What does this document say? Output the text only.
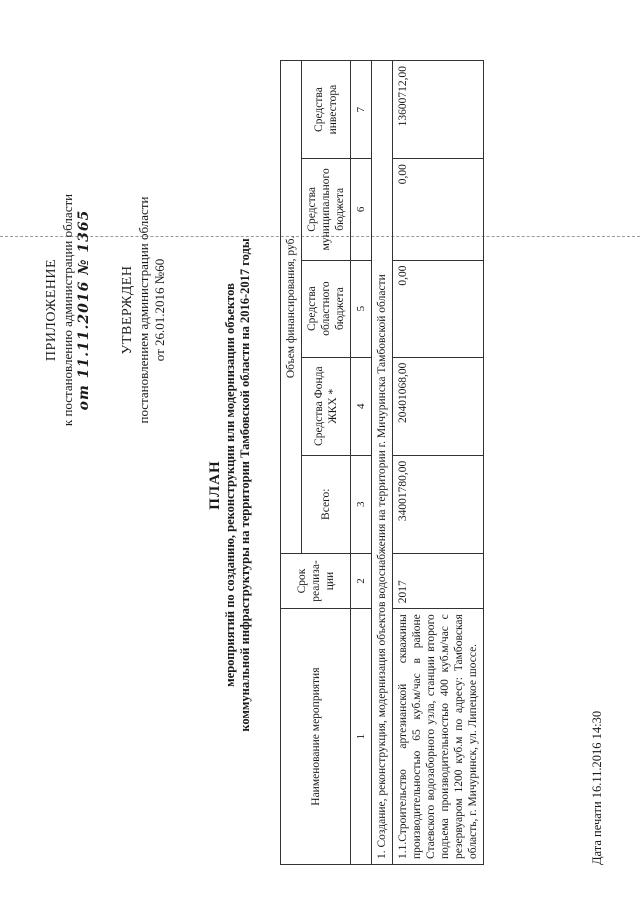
ПРИЛОЖЕНИЕ к постановлению администрации области от 11.11.2016 № 1365 УТВЕРЖДЕН постановлением администрации области от 26.01.2016 №60
ПЛАН мероприятий по созданию, реконструкции или модернизации объектов коммунальной инфраструктуры на территории Тамбовской области на 2016-2017 годы
Наименование мероприятия	Срок реализа-ции	Объем финансирования, руб.				
		Всего:	Средства Фонда ЖКХ *	Средства областного бюджета	Средства муниципального бюджета	Средства инвестора
1	2	3	4	5	6	7
1. Создание, реконструкция, модернизация объектов водоснабжения на территории г. Мичуринска Тамбовской области						
1.1.Строительство артезианской скважины производительностью 65 куб.м/час в районе Стаевского водозаборного узла, станции второго подъема производительностью 400 куб.м/час с резервуаром 1200 куб.м по адресу: Тамбовская область, г. Мичуринск, ул. Липецкое шоссе.	2017	34001780,00	20401068,00	0,00	0,00	13600712,00
Дата печати 16.11.2016 14:30
